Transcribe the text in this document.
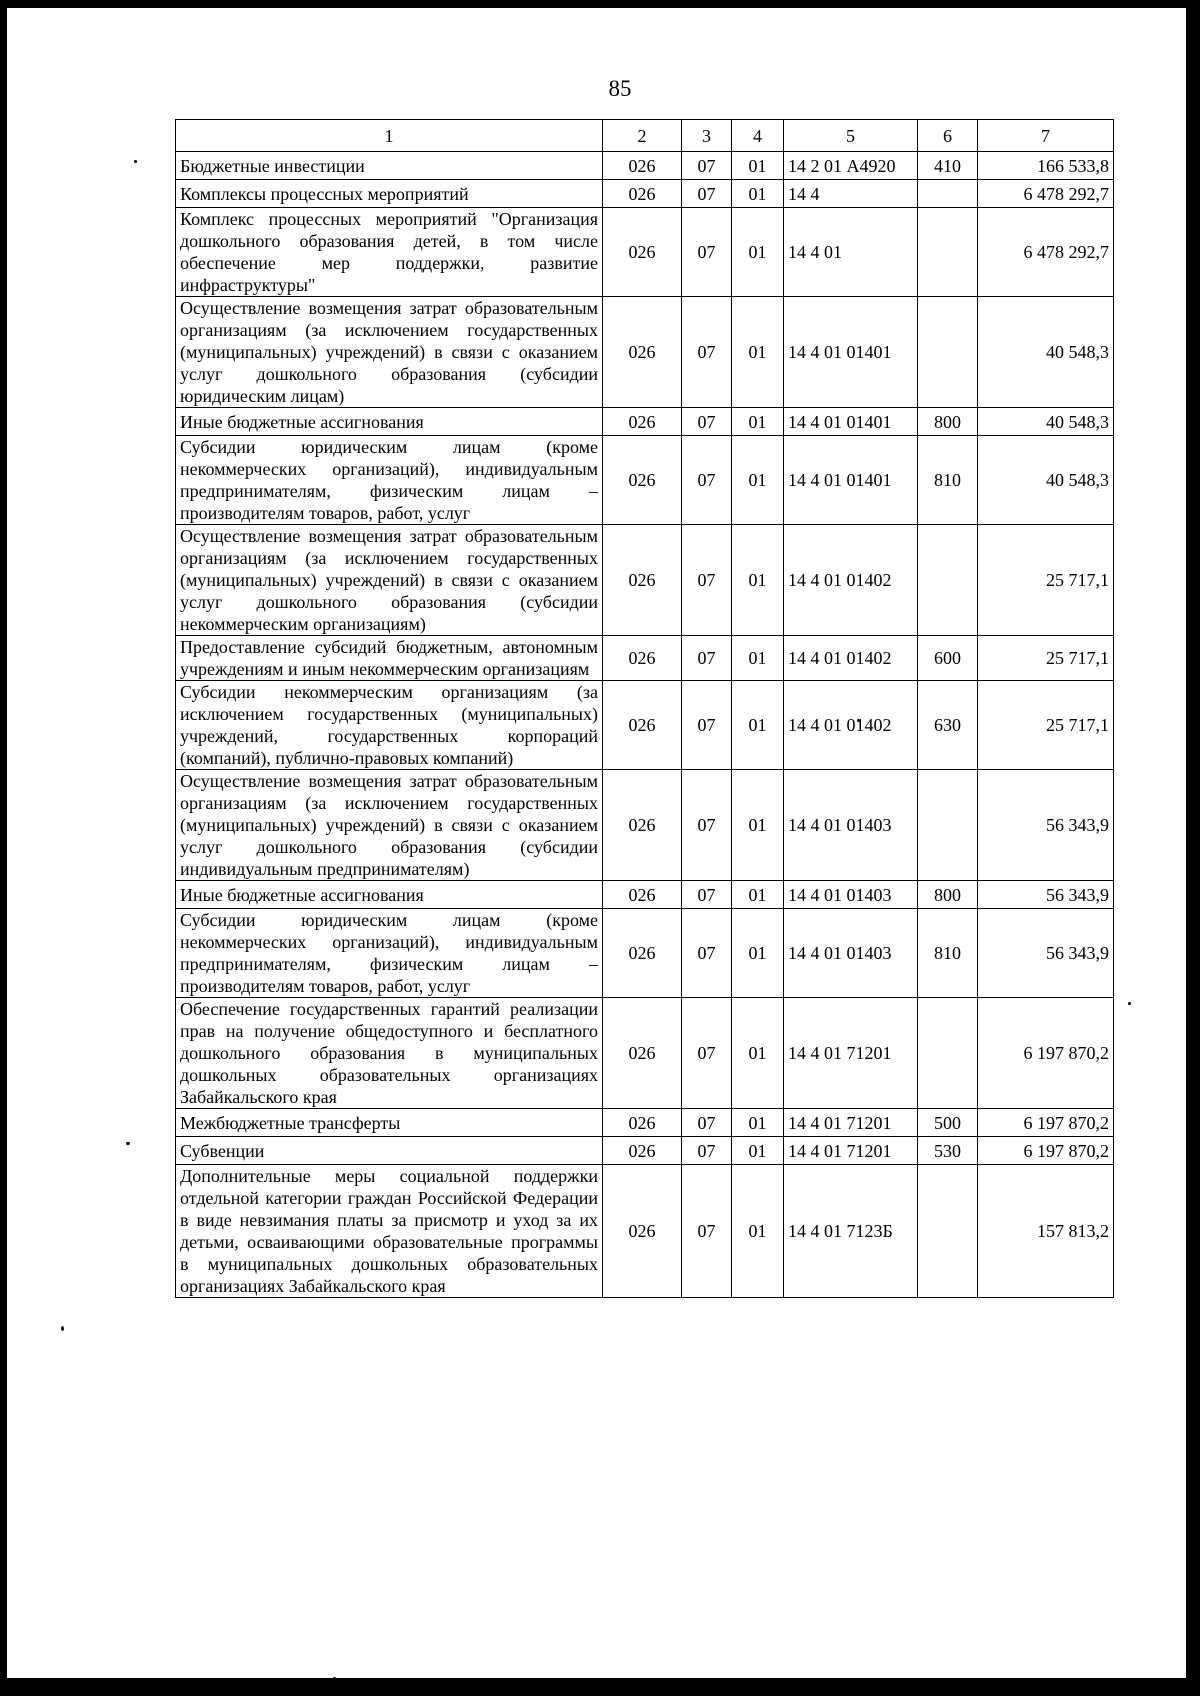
85
1	2	3	4	5	6	7
Бюджетные инвестиции	026	07	01	14 2 01 А4920	410	166 533,8
Комплексы процессных мероприятий	026	07	01	14 4		6 478 292,7
Комплекс процессных мероприятий "Организация дошкольного образования детей, в том числе обеспечение мер поддержки, развитие инфраструктуры"	026	07	01	14 4 01		6 478 292,7
Осуществление возмещения затрат образовательным организациям (за исключением государственных (муниципальных) учреждений) в связи с оказанием услуг дошкольного образования (субсидии юридическим лицам)	026	07	01	14 4 01 01401		40 548,3
Иные бюджетные ассигнования	026	07	01	14 4 01 01401	800	40 548,3
Субсидии юридическим лицам (кроме некоммерческих организаций), индивидуальным предпринимателям, физическим лицам – производителям товаров, работ, услуг	026	07	01	14 4 01 01401	810	40 548,3
Осуществление возмещения затрат образовательным организациям (за исключением государственных (муниципальных) учреждений) в связи с оказанием услуг дошкольного образования (субсидии некоммерческим организациям)	026	07	01	14 4 01 01402		25 717,1
Предоставление субсидий бюджетным, автономным учреждениям и иным некоммерческим организациям	026	07	01	14 4 01 01402	600	25 717,1
Субсидии некоммерческим организациям (за исключением государственных (муниципальных) учреждений, государственных корпораций (компаний), публично-правовых компаний)	026	07	01	14 4 01 01402	630	25 717,1
Осуществление возмещения затрат образовательным организациям (за исключением государственных (муниципальных) учреждений) в связи с оказанием услуг дошкольного образования (субсидии индивидуальным предпринимателям)	026	07	01	14 4 01 01403		56 343,9
Иные бюджетные ассигнования	026	07	01	14 4 01 01403	800	56 343,9
Субсидии юридическим лицам (кроме некоммерческих организаций), индивидуальным предпринимателям, физическим лицам – производителям товаров, работ, услуг	026	07	01	14 4 01 01403	810	56 343,9
Обеспечение государственных гарантий реализации прав на получение общедоступного и бесплатного дошкольного образования в муниципальных дошкольных образовательных организациях Забайкальского края	026	07	01	14 4 01 71201		6 197 870,2
Межбюджетные трансферты	026	07	01	14 4 01 71201	500	6 197 870,2
Субвенции	026	07	01	14 4 01 71201	530	6 197 870,2
Дополнительные меры социальной поддержки отдельной категории граждан Российской Федерации в виде невзимания платы за присмотр и уход за их детьми, осваивающими образовательные программы в муниципальных дошкольных образовательных организациях Забайкальского края	026	07	01	14 4 01 7123Б		157 813,2
